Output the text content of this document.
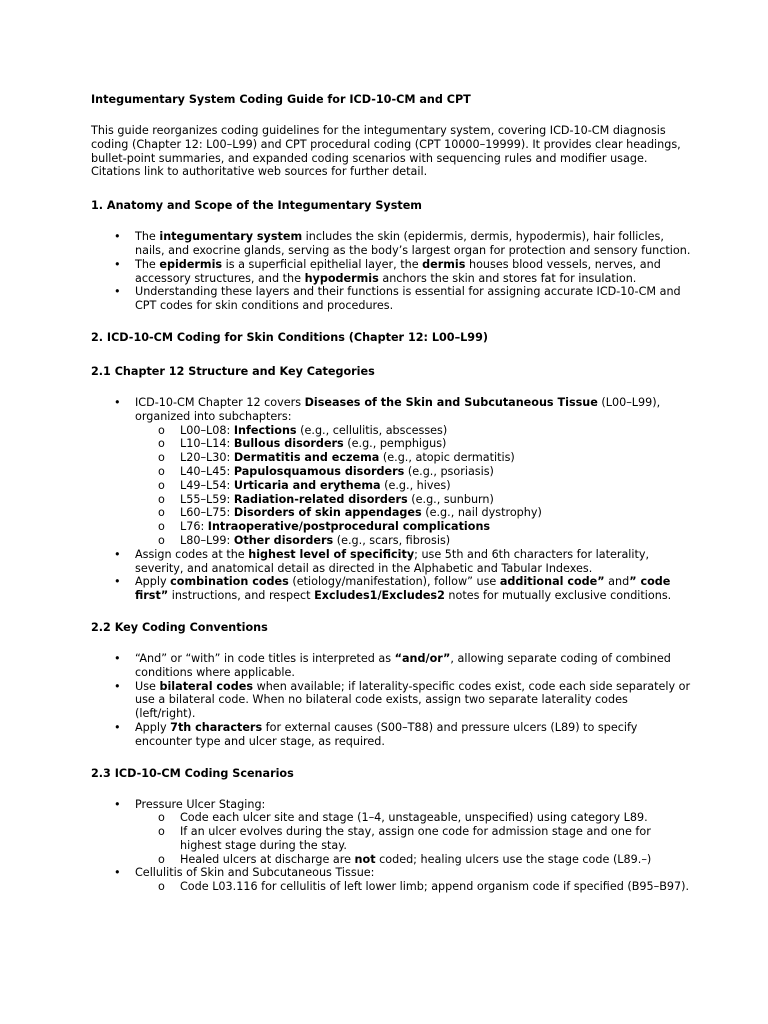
Integumentary System Coding Guide for ICD-10-CM and CPT

This guide reorganizes coding guidelines for the integumentary system, covering ICD-10-CM diagnosis coding (Chapter 12: L00–L99) and CPT procedural coding (CPT 10000–19999). It provides clear headings, bullet-point summaries, and expanded coding scenarios with sequencing rules and modifier usage. Citations link to authoritative web sources for further detail.

1. Anatomy and Scope of the Integumentary System
• The integumentary system includes the skin (epidermis, dermis, hypodermis), hair follicles, nails, and exocrine glands, serving as the body’s largest organ for protection and sensory function.
• The epidermis is a superficial epithelial layer, the dermis houses blood vessels, nerves, and accessory structures, and the hypodermis anchors the skin and stores fat for insulation.
• Understanding these layers and their functions is essential for assigning accurate ICD-10-CM and CPT codes for skin conditions and procedures.
2. ICD-10-CM Coding for Skin Conditions (Chapter 12: L00–L99)
2.1 Chapter 12 Structure and Key Categories
• ICD-10-CM Chapter 12 covers Diseases of the Skin and Subcutaneous Tissue (L00–L99), organized into subchapters:
o L00–L08: Infections (e.g., cellulitis, abscesses)
o L10–L14: Bullous disorders (e.g., pemphigus)
o L20–L30: Dermatitis and eczema (e.g., atopic dermatitis)
o L40–L45: Papulosquamous disorders (e.g., psoriasis)
o L49–L54: Urticaria and erythema (e.g., hives)
o L55–L59: Radiation-related disorders (e.g., sunburn)
o L60–L75: Disorders of skin appendages (e.g., nail dystrophy)
o L76: Intraoperative/postprocedural complications
o L80–L99: Other disorders (e.g., scars, fibrosis)
• Assign codes at the highest level of specificity; use 5th and 6th characters for laterality, severity, and anatomical detail as directed in the Alphabetic and Tabular Indexes.
• Apply combination codes (etiology/manifestation), follow” use additional code” and” code first” instructions, and respect Excludes1/Excludes2 notes for mutually exclusive conditions.
2.2 Key Coding Conventions
• “And” or “with” in code titles is interpreted as “and/or”, allowing separate coding of combined conditions where applicable.
• Use bilateral codes when available; if laterality-specific codes exist, code each side separately or use a bilateral code. When no bilateral code exists, assign two separate laterality codes (left/right).
• Apply 7th characters for external causes (S00–T88) and pressure ulcers (L89) to specify encounter type and ulcer stage, as required.
2.3 ICD-10-CM Coding Scenarios
• Pressure Ulcer Staging:
o Code each ulcer site and stage (1–4, unstageable, unspecified) using category L89.
o If an ulcer evolves during the stay, assign one code for admission stage and one for highest stage during the stay.
o Healed ulcers at discharge are not coded; healing ulcers use the stage code (L89.–)
• Cellulitis of Skin and Subcutaneous Tissue:
o Code L03.116 for cellulitis of left lower limb; append organism code if specified (B95–B97).
